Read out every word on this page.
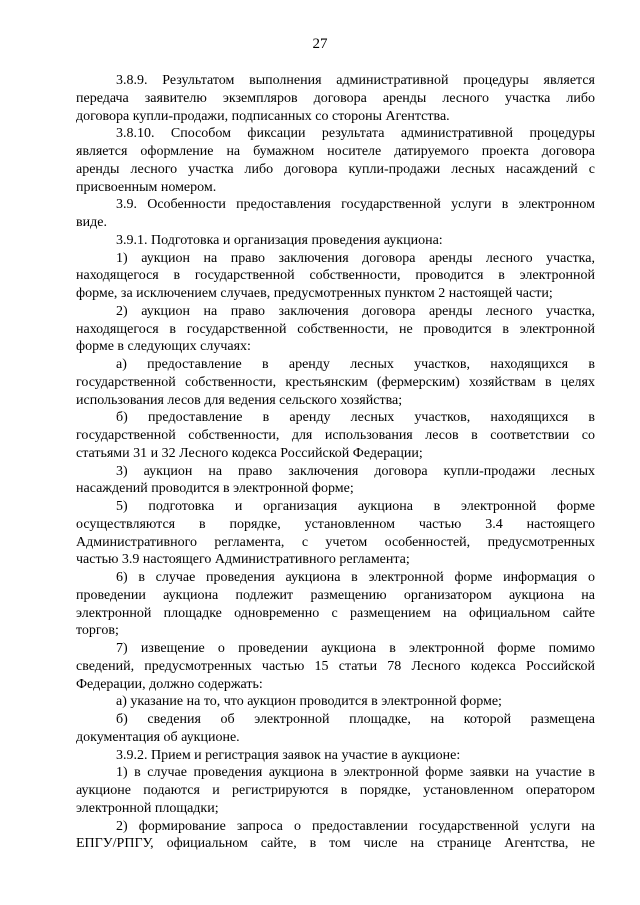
27
3.8.9. Результатом выполнения административной процедуры является
передача заявителю экземпляров договора аренды лесного участка либо
договора купли-продажи, подписанных со стороны Агентства.
3.8.10. Способом фиксации результата административной процедуры
является оформление на бумажном носителе датируемого проекта договора
аренды лесного участка либо договора купли-продажи лесных насаждений с
присвоенным номером.
3.9. Особенности предоставления государственной услуги в электронном
виде.
3.9.1. Подготовка и организация проведения аукциона:
1) аукцион на право заключения договора аренды лесного участка,
находящегося в государственной собственности, проводится в электронной
форме, за исключением случаев, предусмотренных пунктом 2 настоящей части;
2) аукцион на право заключения договора аренды лесного участка,
находящегося в государственной собственности, не проводится в электронной
форме в следующих случаях:
а) предоставление в аренду лесных участков, находящихся в
государственной собственности, крестьянским (фермерским) хозяйствам в целях
использования лесов для ведения сельского хозяйства;
б) предоставление в аренду лесных участков, находящихся в
государственной собственности, для использования лесов в соответствии со
статьями 31 и 32 Лесного кодекса Российской Федерации;
3) аукцион на право заключения договора купли-продажи лесных
насаждений проводится в электронной форме;
5) подготовка и организация аукциона в электронной форме
осуществляются в порядке, установленном частью 3.4 настоящего
Административного регламента, с учетом особенностей, предусмотренных
частью 3.9 настоящего Административного регламента;
6) в случае проведения аукциона в электронной форме информация о
проведении аукциона подлежит размещению организатором аукциона на
электронной площадке одновременно с размещением на официальном сайте
торгов;
7) извещение о проведении аукциона в электронной форме помимо
сведений, предусмотренных частью 15 статьи 78 Лесного кодекса Российской
Федерации, должно содержать:
а) указание на то, что аукцион проводится в электронной форме;
б) сведения об электронной площадке, на которой размещена
документация об аукционе.
3.9.2. Прием и регистрация заявок на участие в аукционе:
1) в случае проведения аукциона в электронной форме заявки на участие в
аукционе подаются и регистрируются в порядке, установленном оператором
электронной площадки;
2) формирование запроса о предоставлении государственной услуги на
ЕПГУ/РПГУ, официальном сайте, в том числе на странице Агентства, не
